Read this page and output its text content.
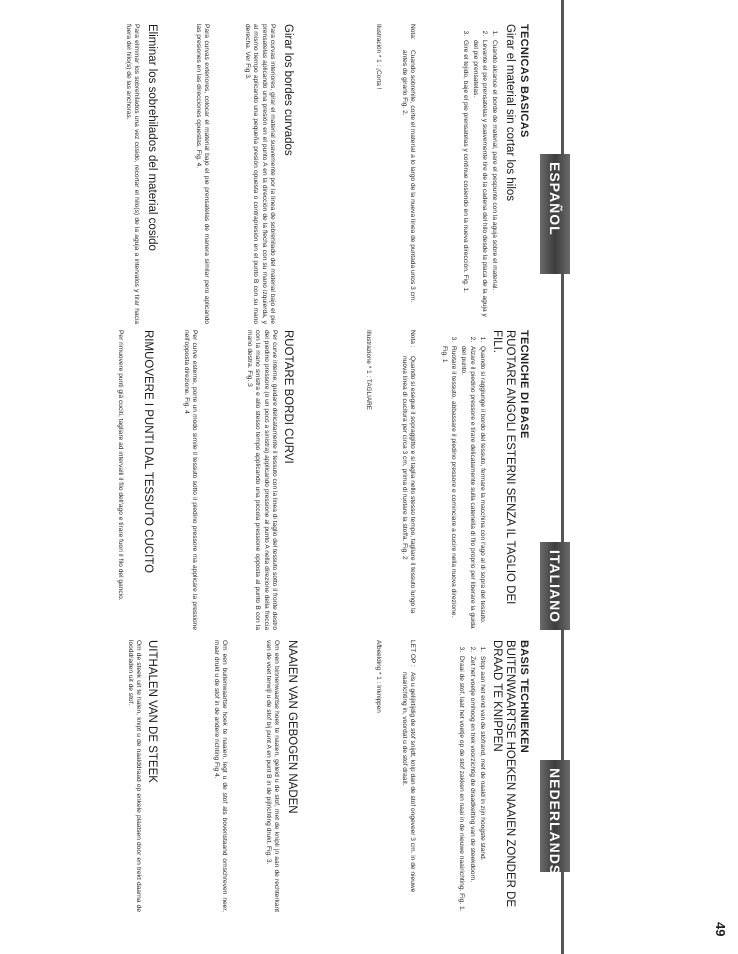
ESPAÑOL
TECNICAS BASICAS
Girar el material sin cortar los hilos
1. Cuando alcance el borde de material, pare el pespunte con la aguja sobre el material.
2. Levante el pie prensatelas y suavemente tire de la cadena del hilo desde la placa de la aguja y del pie prensatelas.
3. Gire el tejido, baje el pie prensatelas y continue cosiendo en la nueva dirección. Fig. 1.
Nota:Cuando sobrehile, corte el material a lo largo de la nueva línea de puntada unos 3 cm. antes de girarlo Fig. 2.
Ilustración * 1 : ¡Corta !
Girar los bordes curvados
Para curvas interiores, girar el material suavemente por la línea de sobrehilado del material bajo el pie prensatelas aplicando una presión en el punto A en la dirección de la flecha con su mano izquierda, y al mismo tiempo aplicando una pequeña presión opuesta o contrapresión en el punto B con su mano derecha. Ver Fig 3.
Para curvas exteriores, colocar el material bajo el pie prensatelas de manera similar pero aplicando las presiones en las direcciones opuestas. Fig. 4.
Eliminar los sobrehilados del material cosido
Para eliminar los sobrehilados una vez cosido, recortar el hilo(s) de la aguja a intervalos y tirar hacia fuera del hilo(s) de las anchoras.
ITALIANO
TECNICHE DI BASE
RUOTARE ANGOLI ESTERNI SENZA IL TAGLIO DEI FILI.
1. Quando si raggiunge il bordo del tessuto, fermare la macchina con l'ago al di sopra del tessuto.
2. Alzare il piedino pressore e tirare delicatamente sulla catenella di filo proprio per liberare la guida del punto.
3. Ruotare il tessuto, abbassare il piedino pressore e cominciare a cucire nella nuova direzione. Fig. 1
Nota :Quando si esegue il sopraggitto e si taglia nello stesso tempo, tagliare il tessuto lungo la nuova linea di cucitura per circa 3 cm, prima di ruotare la stoffa. Fig. 2
Illustrazione * 1 : TAGLIARE
RUOTARE BORDI CURVI
Per curve interne, guidare delicatamente il tessuto con la linea di taglio del tessuto sotto il fronte destro del piedino pressore (o un poco a sinistra) applicando pressione al punto A nella direzione della freccia con la mano sinistra e allo stesso tempo applicando una piccola pressione opposta al punto B con la mano destra. Fig. 3
Per curve esterne, porre un modo simile il tessuto sotto il piedino pressore ma applicare la pressione nell'opposta direzione. Fig. 4
RIMUOVERE I PUNTI DAL TESSUTO CUCITO
Per rimuovere punti già cuciti, tagliare ad intervalli il filo dell'ago e tirare fuori il filo del gancio.
NEDERLANDS
BASIS TECHNIEKEN
BUITENWAARTSE HOEKEN NAAIEN ZONDER DE DRAAD TE KNIPPEN
1. Stop aan het eind van de stofrand, met de naald in zijn hoogste stand.
2. Zet het voetje omhoog en trek voorzichtig de draadketting van de steekdoorn.
3. Draai de stof, laat het voetje op de stof zakken en naai in de nieuwe naairichting. Fig. 1.
LET OP :Als u gelijktijdig de stof snijdt, knip dan de stof ongeveer 3 cm. in de nieuwe naairichting in, voordat u de stof draait.
Afbeelding * 1 : Inknippen
NAAIEN VAN GEBOGEN NADEN
Om een binnenwaartse hoek te naaien, geleid u de stof, met de knipli jn aan de rechterkant van de voet terwijl u de stof bij punt A en punt B in de pijlrichting drukt. Fig. 3.
Om een buitenwaartse hoek te naaien, legt u de stof als bovenstaand omschreven neer, maar drukt u de stof in de andere richting Fig 4.
UITHALEN VAN DE STEEK
Om de steek uit te halen, knipt u de naalddraad op enkele plaatsen door en trekt daarna de looddraden uit de stof.
49
